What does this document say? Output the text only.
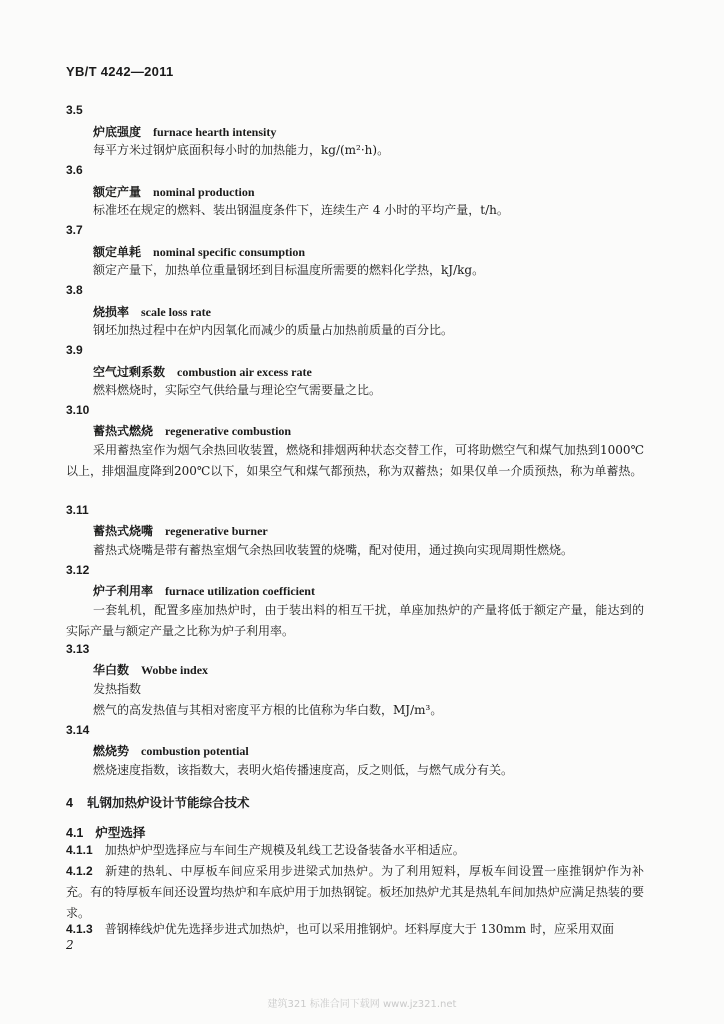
YB/T 4242—2011
3.5
炉底强度 furnace hearth intensity
每平方米过钢炉底面积每小时的加热能力，kg/(m²·h)。
3.6
额定产量 nominal production
标准坯在规定的燃料、装出钢温度条件下，连续生产 4 小时的平均产量，t/h。
3.7
额定单耗 nominal specific consumption
额定产量下，加热单位重量钢坯到目标温度所需要的燃料化学热，kJ/kg。
3.8
烧损率 scale loss rate
钢坯加热过程中在炉内因氧化而减少的质量占加热前质量的百分比。
3.9
空气过剩系数 combustion air excess rate
燃料燃烧时，实际空气供给量与理论空气需要量之比。
3.10
蓄热式燃烧 regenerative combustion
采用蓄热室作为烟气余热回收装置，燃烧和排烟两种状态交替工作，可将助燃空气和煤气加热到1000℃以上，排烟温度降到200℃以下，如果空气和煤气都预热，称为双蓄热；如果仅单一介质预热，称为单蓄热。
3.11
蓄热式烧嘴 regenerative burner
蓄热式烧嘴是带有蓄热室烟气余热回收装置的烧嘴，配对使用，通过换向实现周期性燃烧。
3.12
炉子利用率 furnace utilization coefficient
一套轧机，配置多座加热炉时，由于装出料的相互干扰，单座加热炉的产量将低于额定产量，能达到的实际产量与额定产量之比称为炉子利用率。
3.13
华白数 Wobbe index
发热指数
燃气的高发热值与其相对密度平方根的比值称为华白数，MJ/m³。
3.14
燃烧势 combustion potential
燃烧速度指数，该指数大，表明火焰传播速度高，反之则低，与燃气成分有关。
4 轧钢加热炉设计节能综合技术
4.1 炉型选择
4.1.1 加热炉炉型选择应与车间生产规模及轧线工艺设备装备水平相适应。
4.1.2 新建的热轧、中厚板车间应采用步进梁式加热炉。为了利用短料，厚板车间设置一座推钢炉作为补充。有的特厚板车间还设置均热炉和车底炉用于加热钢锭。板坯加热炉尤其是热轧车间加热炉应满足热装的要求。
4.1.3 普钢棒线炉优先选择步进式加热炉，也可以采用推钢炉。坯料厚度大于 130mm 时，应采用双面
2
建筑321 标准合同下载网 www.jz321.net
